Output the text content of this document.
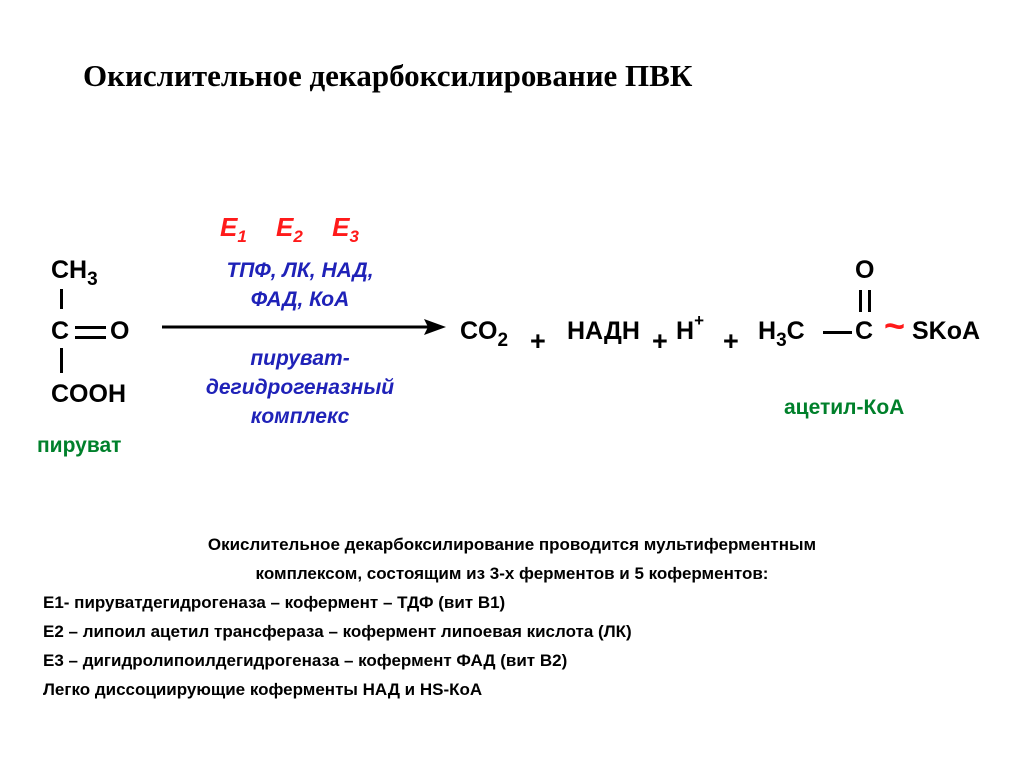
Окислительное декарбоксилирование ПВК
$CH_3$
C O
COOH
пируват
$E_1$ $E_2$ $E_3$
ТПФ, ЛК, НАД,
ФАД, КоА
пируват-
дегидрогеназный
комплекс
$CO_2$ + НАДН + H+
+ $H_3C$ C
O
~ SKoA
ацетил-КоА
Окислительное декарбоксилирование проводится мультиферментным
комплексом, состоящим из 3-х ферментов и 5 коферментов:
Е1- пируватдегидрогеназа – кофермент – ТДФ (вит В1)
Е2 – липоил ацетил трансфераза – кофермент липоевая кислота (ЛК)
Е3 – дигидролипоилдегидрогеназа – кофермент ФАД (вит В2)
Легко диссоциирующие коферменты НАД и HS-КоА
